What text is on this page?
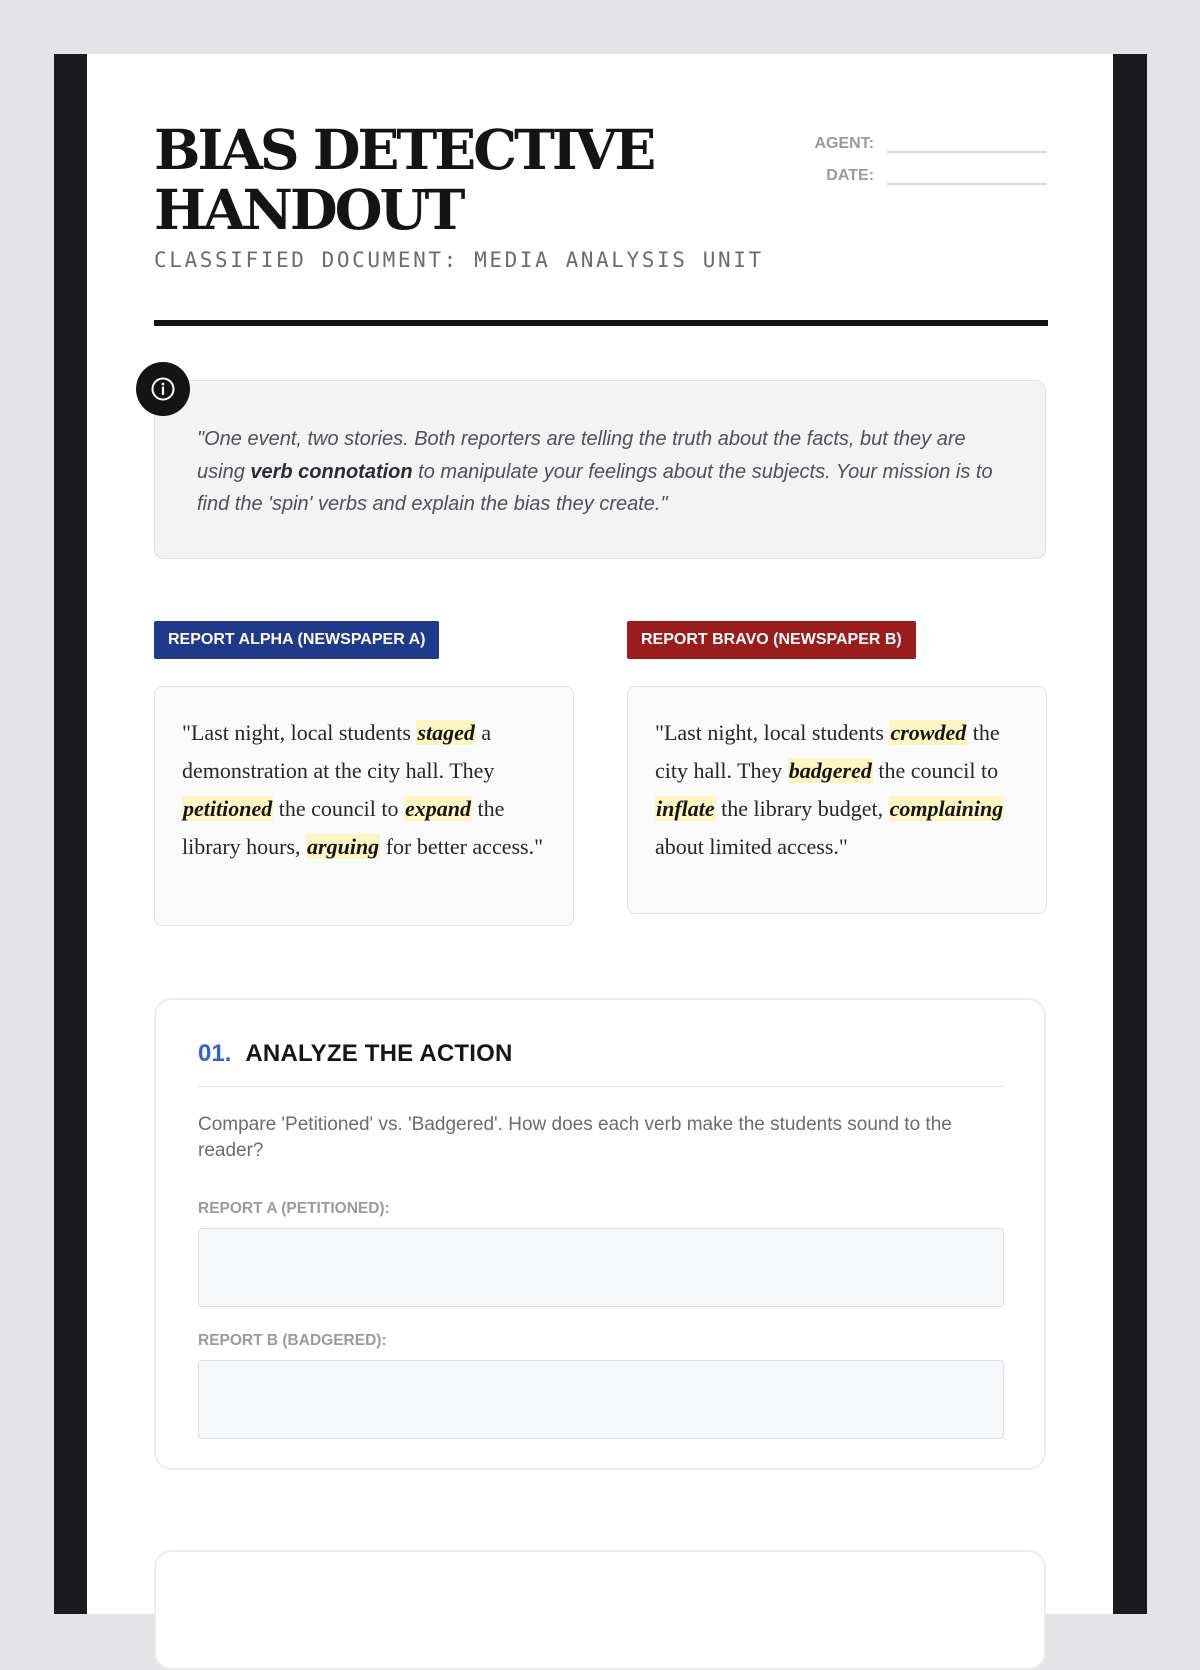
BIAS DETECTIVE
HANDOUT
CLASSIFIED DOCUMENT: MEDIA ANALYSIS UNIT
AGENT:
DATE:

"One event, two stories. Both reporters are telling the truth about the facts, but they are using verb connotation to manipulate your feelings about the subjects. Your mission is to find the 'spin' verbs and explain the bias they create."

REPORT ALPHA (NEWSPAPER A)	REPORT BRAVO (NEWSPAPER B)
"Last night, local students staged a demonstration at the city hall. They petitioned the council to expand the library hours, arguing for better access."
"Last night, local students crowded the city hall. They badgered the council to inflate the library budget, complaining about limited access."
01. ANALYZE THE ACTION
Compare 'Petitioned' vs. 'Badgered'. How does each verb make the students sound to the reader?
REPORT A (PETITIONED):
REPORT B (BADGERED):
